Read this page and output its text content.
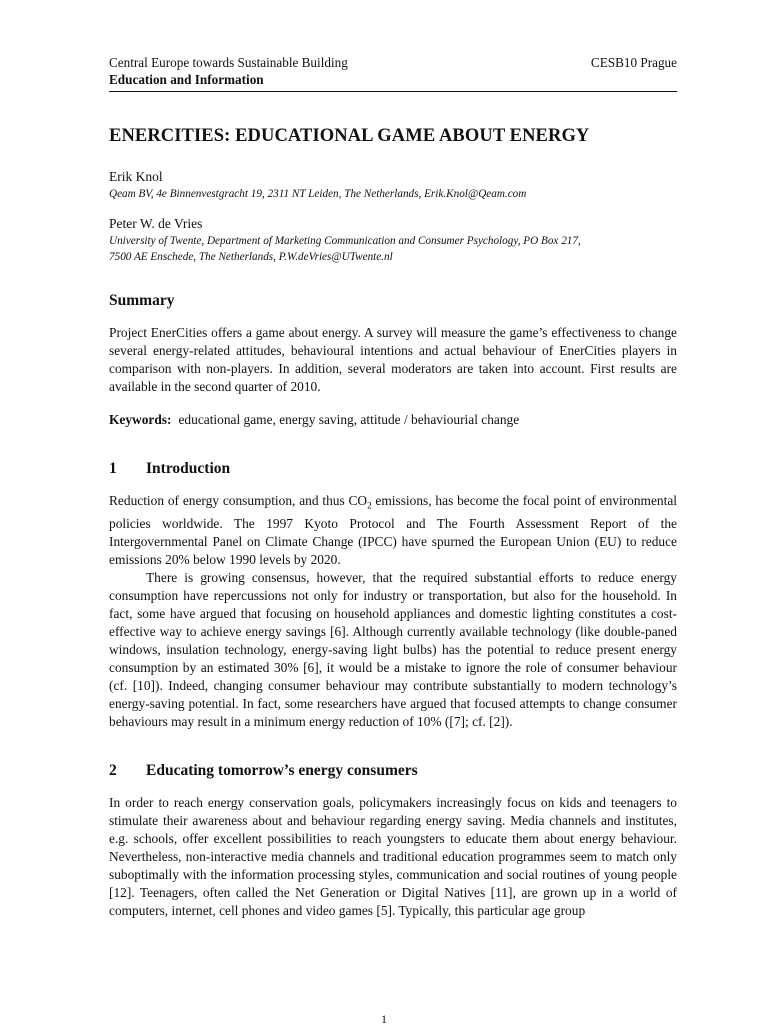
Central Europe towards Sustainable Building	CESB10 Prague
Education and Information
ENERCITIES: EDUCATIONAL GAME ABOUT ENERGY
Erik Knol
Qeam BV, 4e Binnenvestgracht 19, 2311 NT Leiden, The Netherlands, Erik.Knol@Qeam.com
Peter W. de Vries
University of Twente, Department of Marketing Communication and Consumer Psychology, PO Box 217,
7500 AE Enschede, The Netherlands, P.W.deVries@UTwente.nl
Summary

Project EnerCities offers a game about energy. A survey will measure the game’s effectiveness to change several energy-related attitudes, behavioural intentions and actual behaviour of EnerCities players in comparison with non-players. In addition, several moderators are taken into account. First results are available in the second quarter of 2010.

Keywords: educational game, energy saving, attitude / behaviourial change
1 Introduction

Reduction of energy consumption, and thus $CO_2$ emissions, has become the focal point of environmental policies worldwide. The 1997 Kyoto Protocol and The Fourth Assessment Report of the Intergovernmental Panel on Climate Change (IPCC) have spurned the European Union (EU) to reduce emissions 20% below 1990 levels by 2020.

There is growing consensus, however, that the required substantial efforts to reduce energy consumption have repercussions not only for industry or transportation, but also for the household. In fact, some have argued that focusing on household appliances and domestic lighting constitutes a cost-effective way to achieve energy savings [6]. Although currently available technology (like double-paned windows, insulation technology, energy-saving light bulbs) has the potential to reduce present energy consumption by an estimated 30% [6], it would be a mistake to ignore the role of consumer behaviour (cf. [10]). Indeed, changing consumer behaviour may contribute substantially to modern technology’s energy-saving potential. In fact, some researchers have argued that focused attempts to change consumer behaviours may result in a minimum energy reduction of 10% ([7]; cf. [2]).

2 Educating tomorrow’s energy consumers

In order to reach energy conservation goals, policymakers increasingly focus on kids and teenagers to stimulate their awareness about and behaviour regarding energy saving. Media channels and institutes, e.g. schools, offer excellent possibilities to reach youngsters to educate them about energy behaviour. Nevertheless, non-interactive media channels and traditional education programmes seem to match only suboptimally with the information processing styles, communication and social routines of young people [12]. Teenagers, often called the Net Generation or Digital Natives [11], are grown up in a world of computers, internet, cell phones and video games [5]. Typically, this particular age group

1
